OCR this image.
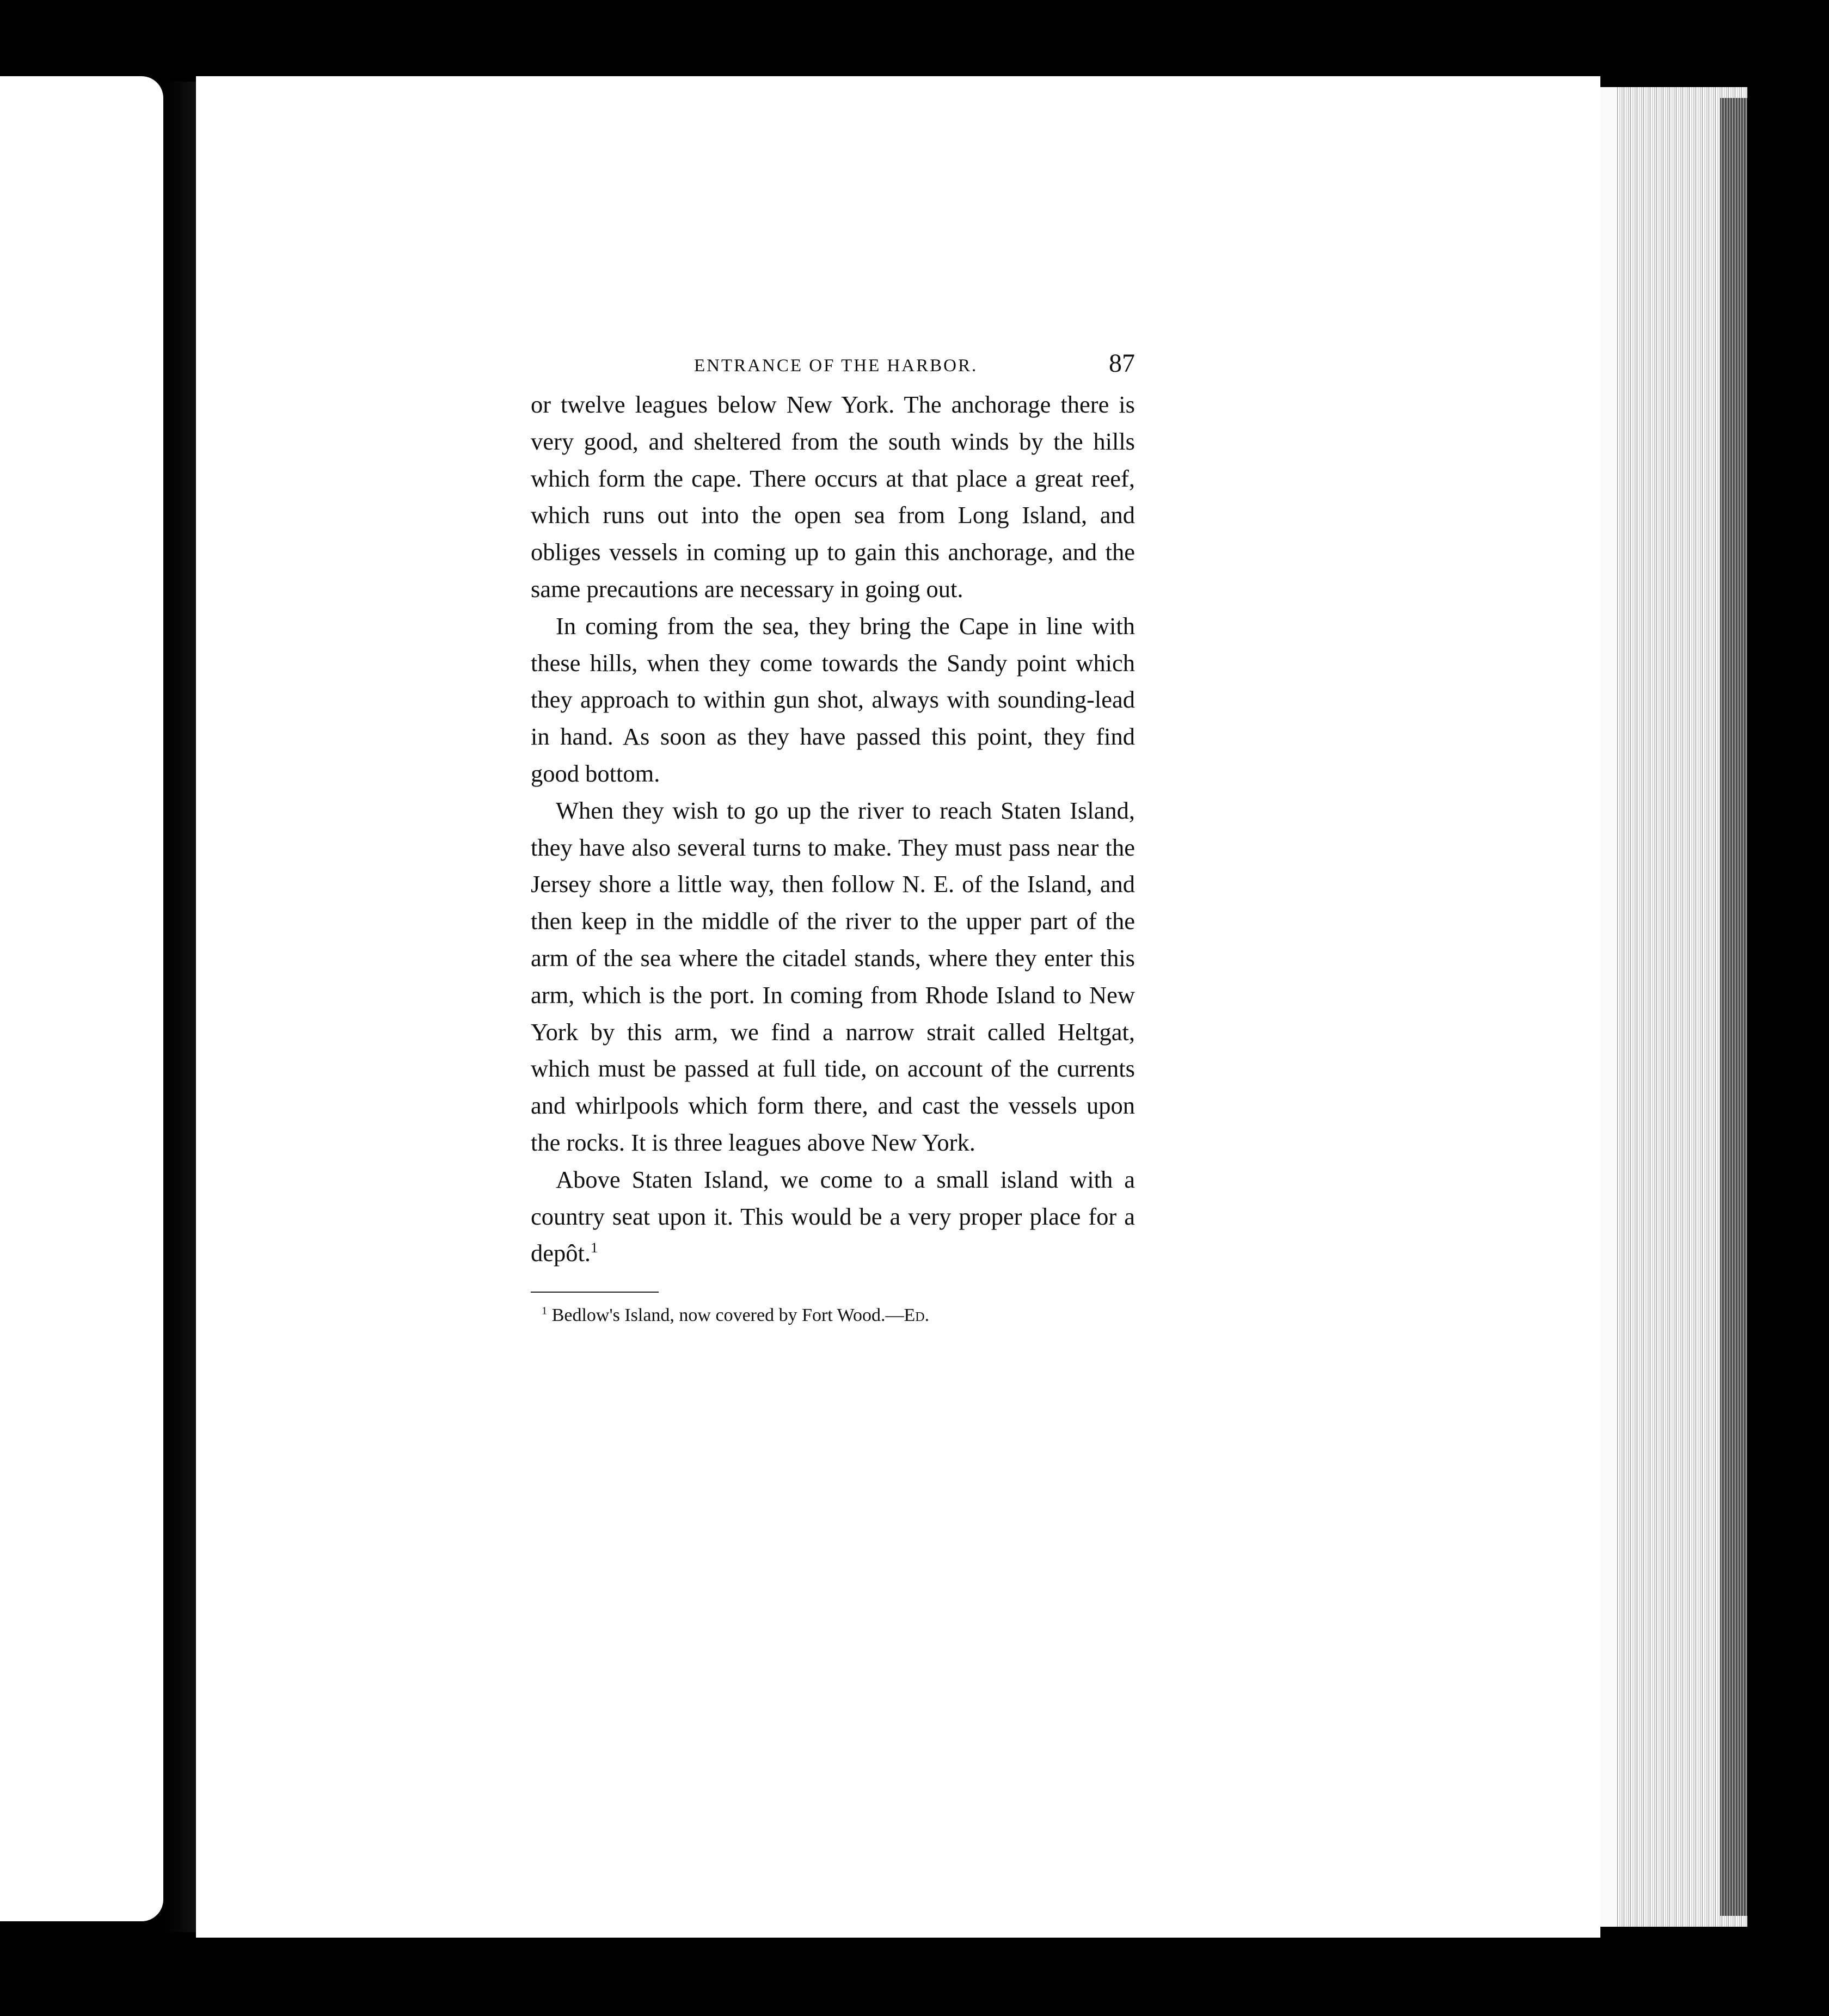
ENTRANCE OF THE HARBOR.	87

or twelve leagues below New York. The anchorage there is very good, and sheltered from the south winds by the hills which form the cape. There occurs at that place a great reef, which runs out into the open sea from Long Island, and obliges vessels in coming up to gain this anchorage, and the same precautions are necessary in going out.

In coming from the sea, they bring the Cape in line with these hills, when they come towards the Sandy point which they approach to within gun shot, always with sounding-lead in hand. As soon as they have passed this point, they find good bottom.

When they wish to go up the river to reach Staten Island, they have also several turns to make. They must pass near the Jersey shore a little way, then follow N. E. of the Island, and then keep in the middle of the river to the upper part of the arm of the sea where the citadel stands, where they enter this arm, which is the port. In coming from Rhode Island to New York by this arm, we find a narrow strait called Heltgat, which must be passed at full tide, on account of the currents and whirlpools which form there, and cast the vessels upon the rocks. It is three leagues above New York.

Above Staten Island, we come to a small island with a country seat upon it. This would be a very proper place for a depôt.$^1$

$^1$ Bedlow's Island, now covered by Fort Wood.—Ed.
